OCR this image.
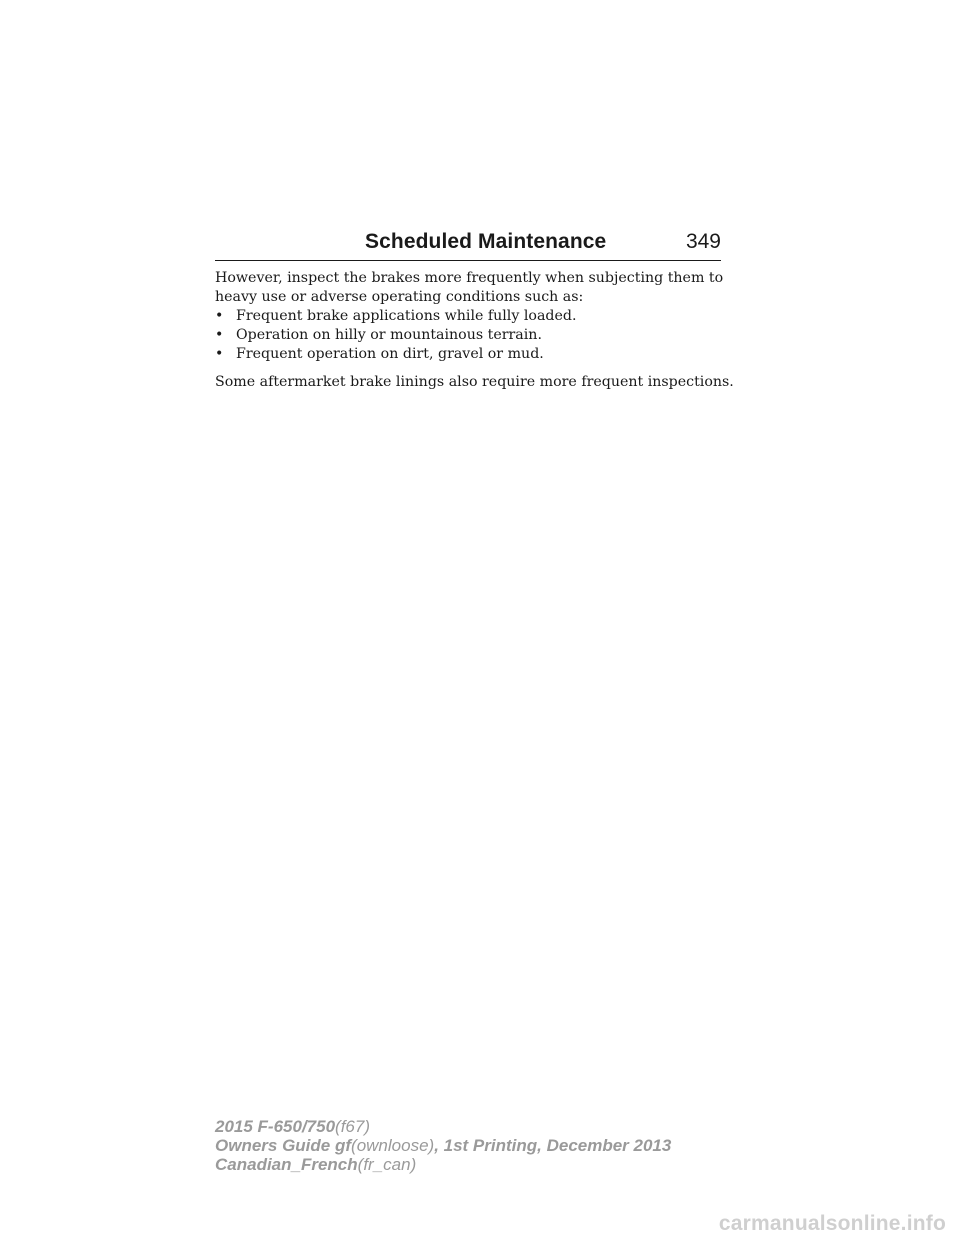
Scheduled Maintenance	349

However, inspect the brakes more frequently when subjecting them to heavy use or adverse operating conditions such as:

• Frequent brake applications while fully loaded.
• Operation on hilly or mountainous terrain.
• Frequent operation on dirt, gravel or mud.

Some aftermarket brake linings also require more frequent inspections.

2015 F-650/750(f67)
Owners Guide gf(ownloose), 1st Printing, December 2013
Canadian_French(fr_can)
carmanualsonline.info
